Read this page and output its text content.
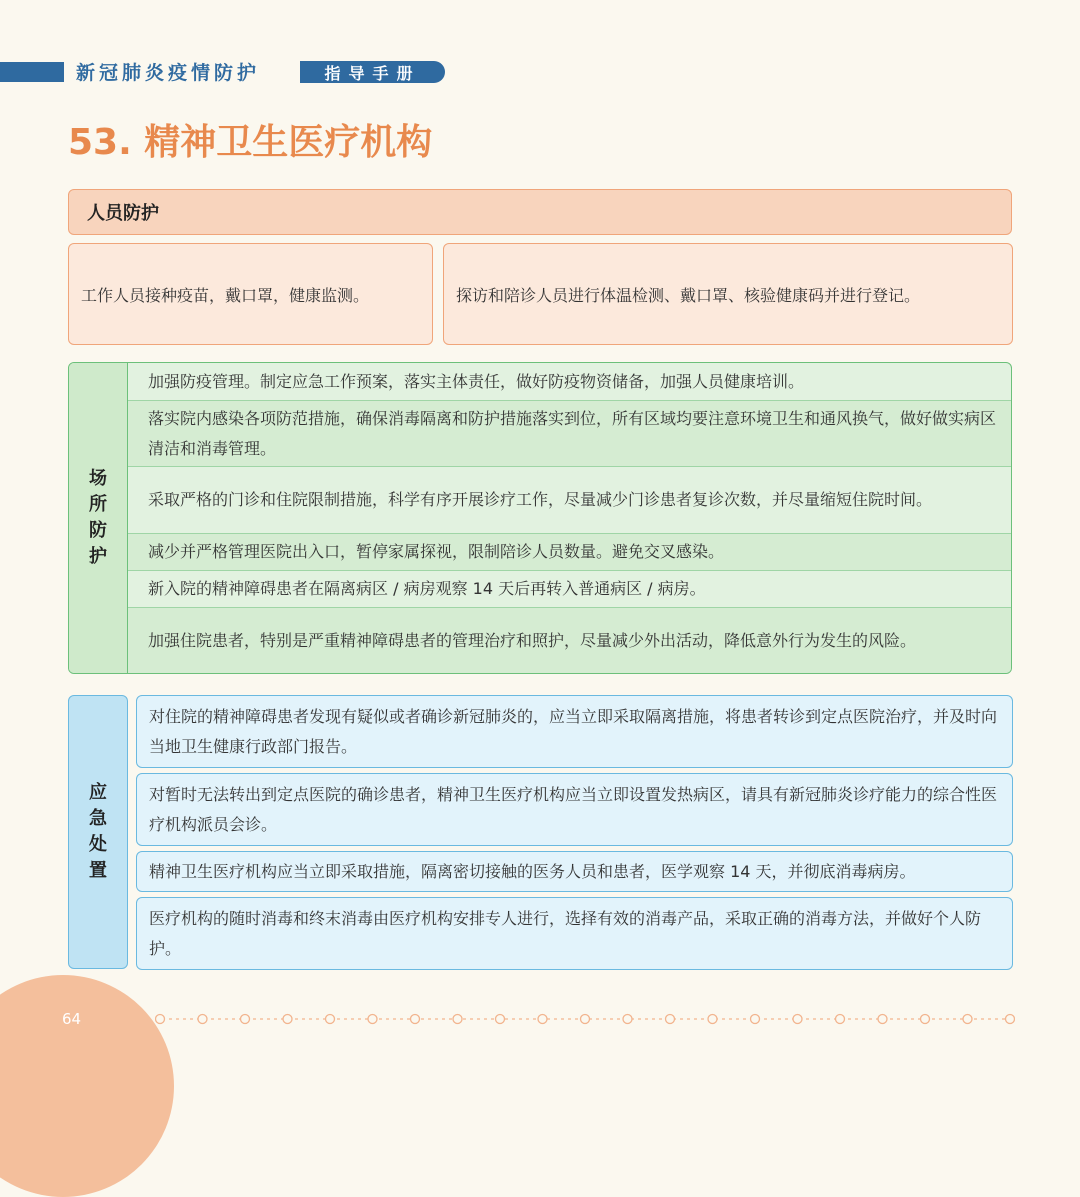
新冠肺炎疫情防护	指导手册
53. 精神卫生医疗机构
人员防护
工作人员接种疫苗，戴口罩，健康监测。	探访和陪诊人员进行体温检测、戴口罩、核验健康码并进行登记。
场
所
防
护
加强防疫管理。制定应急工作预案，落实主体责任，做好防疫物资储备，加强人员健康培训。
落实院内感染各项防范措施，确保消毒隔离和防护措施落实到位，所有区域均要注意环境卫生和通风换气，做好做实病区清洁和消毒管理。
采取严格的门诊和住院限制措施，科学有序开展诊疗工作，尽量减少门诊患者复诊次数，并尽量缩短住院时间。
减少并严格管理医院出入口，暂停家属探视，限制陪诊人员数量。避免交叉感染。
新入院的精神障碍患者在隔离病区 / 病房观察 14 天后再转入普通病区 / 病房。
加强住院患者，特别是严重精神障碍患者的管理治疗和照护，尽量减少外出活动，降低意外行为发生的风险。
应
急
处
置
对住院的精神障碍患者发现有疑似或者确诊新冠肺炎的，应当立即采取隔离措施，将患者转诊到定点医院治疗，并及时向当地卫生健康行政部门报告。
对暂时无法转出到定点医院的确诊患者，精神卫生医疗机构应当立即设置发热病区，请具有新冠肺炎诊疗能力的综合性医疗机构派员会诊。
精神卫生医疗机构应当立即采取措施，隔离密切接触的医务人员和患者，医学观察 14 天，并彻底消毒病房。
医疗机构的随时消毒和终末消毒由医疗机构安排专人进行，选择有效的消毒产品，采取正确的消毒方法，并做好个人防护。
64
